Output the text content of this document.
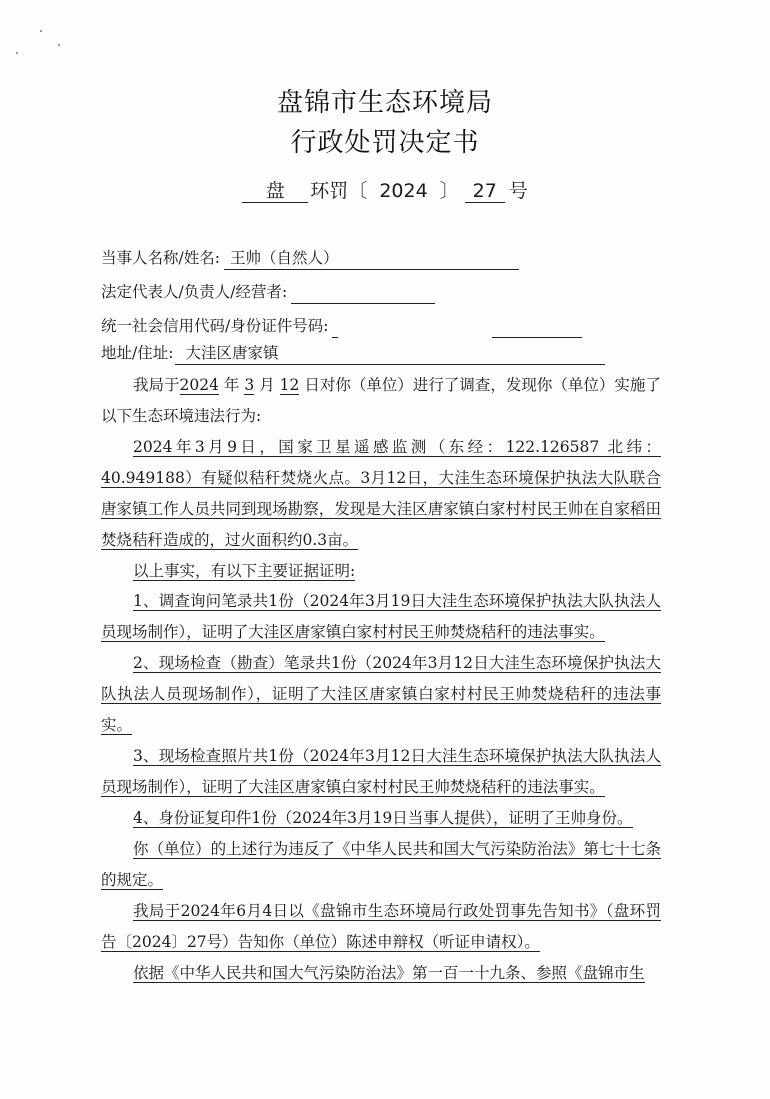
盘锦市生态环境局
行政处罚决定书
盘 环罚〔 2024 〕 27 号
当事人名称/姓名: 王帅（自然人）
法定代表人/负责人/经营者:
统一社会信用代码/身份证件号码:
地址/住址: 大洼区唐家镇
我局于2024 年 3 月 12 日对你（单位）进行了调查，发现你（单位）实施了以下生态环境违法行为:
2024年3月9日，国家卫星遥感监测（东经：122.126587 北纬：40.949188）有疑似秸秆焚烧火点。3月12日，大洼生态环境保护执法大队联合唐家镇工作人员共同到现场勘察，发现是大洼区唐家镇白家村村民王帅在自家稻田焚烧秸秆造成的，过火面积约0.3亩。
以上事实，有以下主要证据证明:
1、调查询问笔录共1份（2024年3月19日大洼生态环境保护执法大队执法人员现场制作），证明了大洼区唐家镇白家村村民王帅焚烧秸秆的违法事实。
2、现场检查（勘查）笔录共1份（2024年3月12日大洼生态环境保护执法大队执法人员现场制作），证明了大洼区唐家镇白家村村民王帅焚烧秸秆的违法事实。
3、现场检查照片共1份（2024年3月12日大洼生态环境保护执法大队执法人员现场制作），证明了大洼区唐家镇白家村村民王帅焚烧秸秆的违法事实。
4、身份证复印件1份（2024年3月19日当事人提供），证明了王帅身份。
你（单位）的上述行为违反了《中华人民共和国大气污染防治法》第七十七条的规定。
我局于2024年6月4日以《盘锦市生态环境局行政处罚事先告知书》（盘环罚告〔2024〕27号）告知你（单位）陈述申辩权（听证申请权）。
依据《中华人民共和国大气污染防治法》第一百一十九条、参照《盘锦市生
